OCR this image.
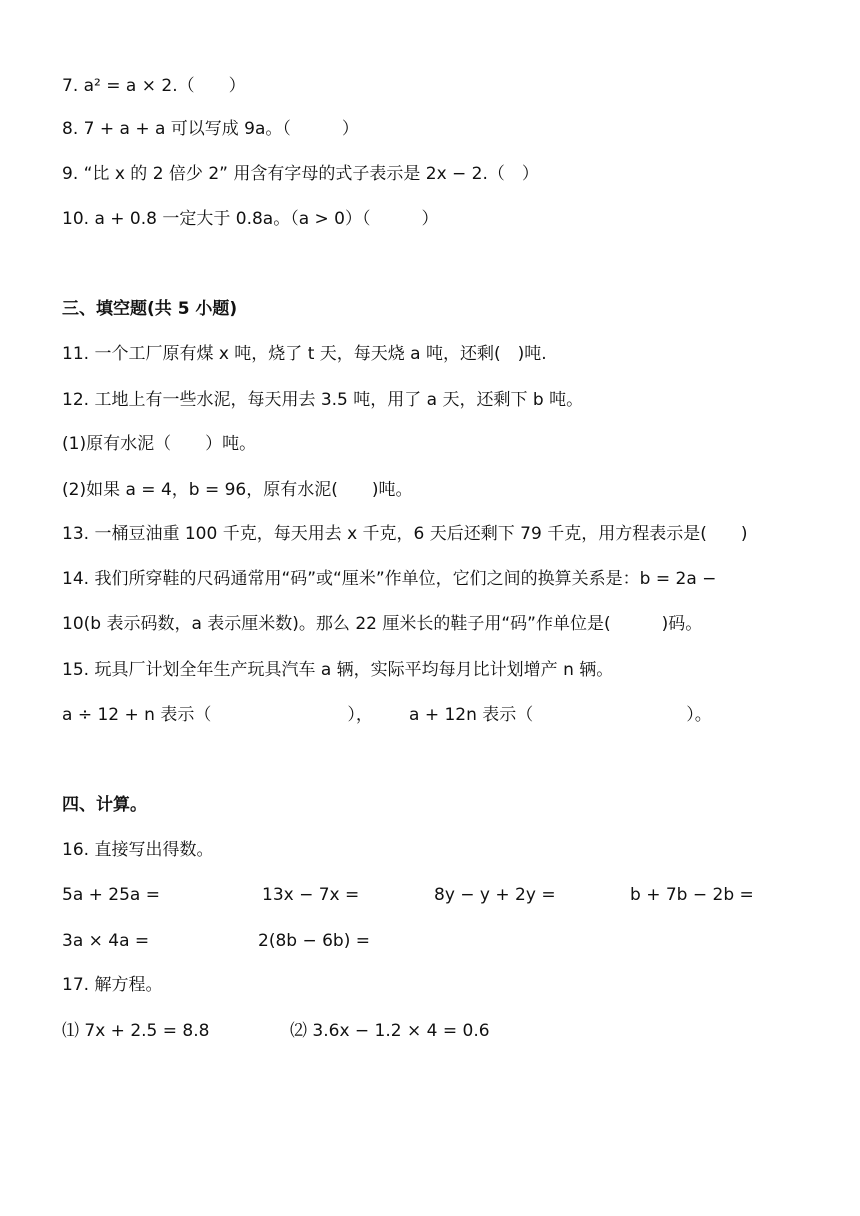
7. a² = a × 2.（　　）
8. 7 + a + a 可以写成 9a。（　　　）
9. “比 x 的 2 倍少 2” 用含有字母的式子表示是 2x − 2.（　）
10. a + 0.8 一定大于 0.8a。（a > 0）（　　　）
三、填空题(共 5 小题)
11. 一个工厂原有煤 x 吨，烧了 t 天，每天烧 a 吨，还剩(　)吨.
12. 工地上有一些水泥，每天用去 3.5 吨，用了 a 天，还剩下 b 吨。
(1)原有水泥（　　）吨。
(2)如果 a = 4，b = 96，原有水泥(　　)吨。
13. 一桶豆油重 100 千克，每天用去 x 千克，6 天后还剩下 79 千克，用方程表示是(　　)
14. 我们所穿鞋的尺码通常用“码”或“厘米”作单位，它们之间的换算关系是：b = 2a −
10(b 表示码数，a 表示厘米数)。那么 22 厘米长的鞋子用“码”作单位是(　　　)码。
15. 玩具厂计划全年生产玩具汽车 a 辆，实际平均每月比计划增产 n 辆。
a ÷ 12 + n 表示（　　　　　　　　）， a + 12n 表示（　　　　　　　　　）。
四、计算。
16. 直接写出得数。
5a + 25a =	13x − 7x =	8y − y + 2y =	b + 7b − 2b =
3a × 4a =	2(8b − 6b) =
17. 解方程。
⑴ 7x + 2.5 = 8.8	⑵ 3.6x − 1.2 × 4 = 0.6
